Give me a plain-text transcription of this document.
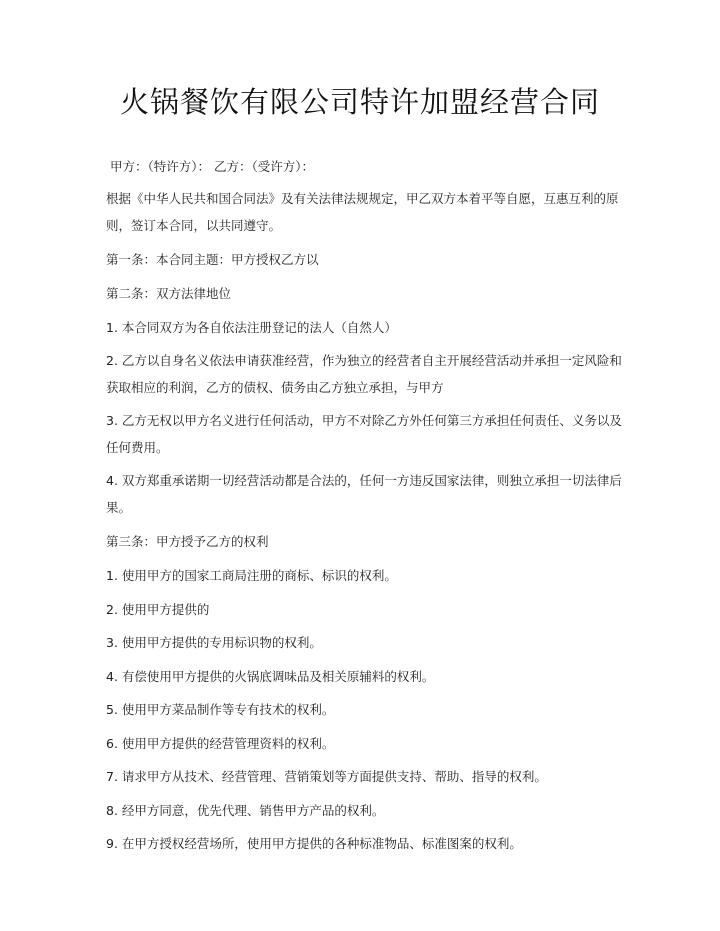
火锅餐饮有限公司特许加盟经营合同
甲方：（特许方）： 乙方：（受许方）：
根据《中华人民共和国合同法》及有关法律法规规定，甲乙双方本着平等自愿，互惠互利的原
则，签订本合同，以共同遵守。
第一条：本合同主题：甲方授权乙方以
第二条：双方法律地位
1. 本合同双方为各自依法注册登记的法人（自然人）
2. 乙方以自身名义依法申请获准经营，作为独立的经营者自主开展经营活动并承担一定风险和
获取相应的利润，乙方的债权、债务由乙方独立承担，与甲方
3. 乙方无权以甲方名义进行任何活动，甲方不对除乙方外任何第三方承担任何责任、义务以及
任何费用。
4. 双方郑重承诺期一切经营活动都是合法的，任何一方违反国家法律，则独立承担一切法律后
果。
第三条：甲方授予乙方的权利
1. 使用甲方的国家工商局注册的商标、标识的权利。
2. 使用甲方提供的
3. 使用甲方提供的专用标识物的权利。
4. 有偿使用甲方提供的火锅底调味品及相关原辅料的权利。
5. 使用甲方菜品制作等专有技术的权利。
6. 使用甲方提供的经营管理资料的权利。
7. 请求甲方从技术、经营管理、营销策划等方面提供支持、帮助、指导的权利。
8. 经甲方同意，优先代理、销售甲方产品的权利。
9. 在甲方授权经营场所，使用甲方提供的各种标准物品、标准图案的权利。
